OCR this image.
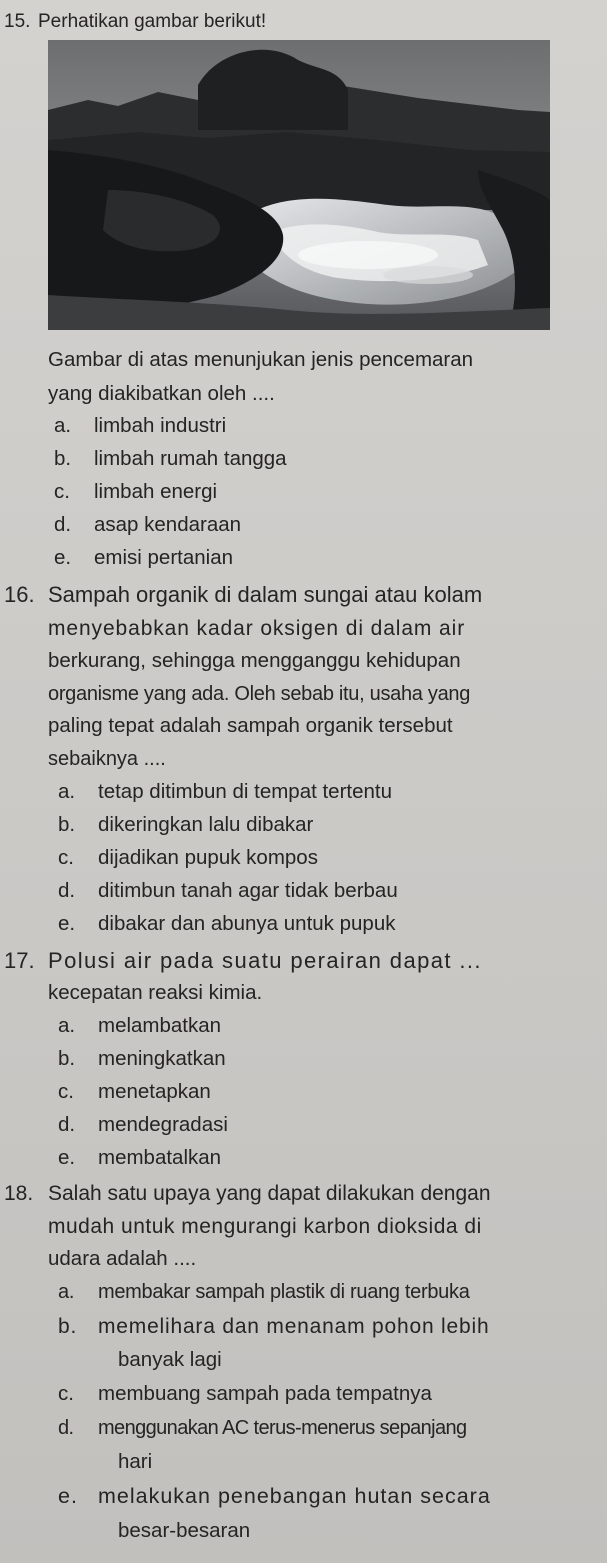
15. Perhatikan gambar berikut!
Gambar di atas menunjukan jenis pencemaran
yang diakibatkan oleh ....
a. limbah industri
b. limbah rumah tangga
c. limbah energi
d. asap kendaraan
e. emisi pertanian
16. Sampah organik di dalam sungai atau kolam
menyebabkan kadar oksigen di dalam air
berkurang, sehingga mengganggu kehidupan
organisme yang ada. Oleh sebab itu, usaha yang
paling tepat adalah sampah organik tersebut
sebaiknya ....
a. tetap ditimbun di tempat tertentu
b. dikeringkan lalu dibakar
c. dijadikan pupuk kompos
d. ditimbun tanah agar tidak berbau
e. dibakar dan abunya untuk pupuk
17. Polusi air pada suatu perairan dapat ...
kecepatan reaksi kimia.
a. melambatkan
b. meningkatkan
c. menetapkan
d. mendegradasi
e. membatalkan
18. Salah satu upaya yang dapat dilakukan dengan
mudah untuk mengurangi karbon dioksida di
udara adalah ....
a. membakar sampah plastik di ruang terbuka
b. memelihara dan menanam pohon lebih
banyak lagi
c. membuang sampah pada tempatnya
d. menggunakan AC terus-menerus sepanjang
hari
e. melakukan penebangan hutan secara
besar-besaran
